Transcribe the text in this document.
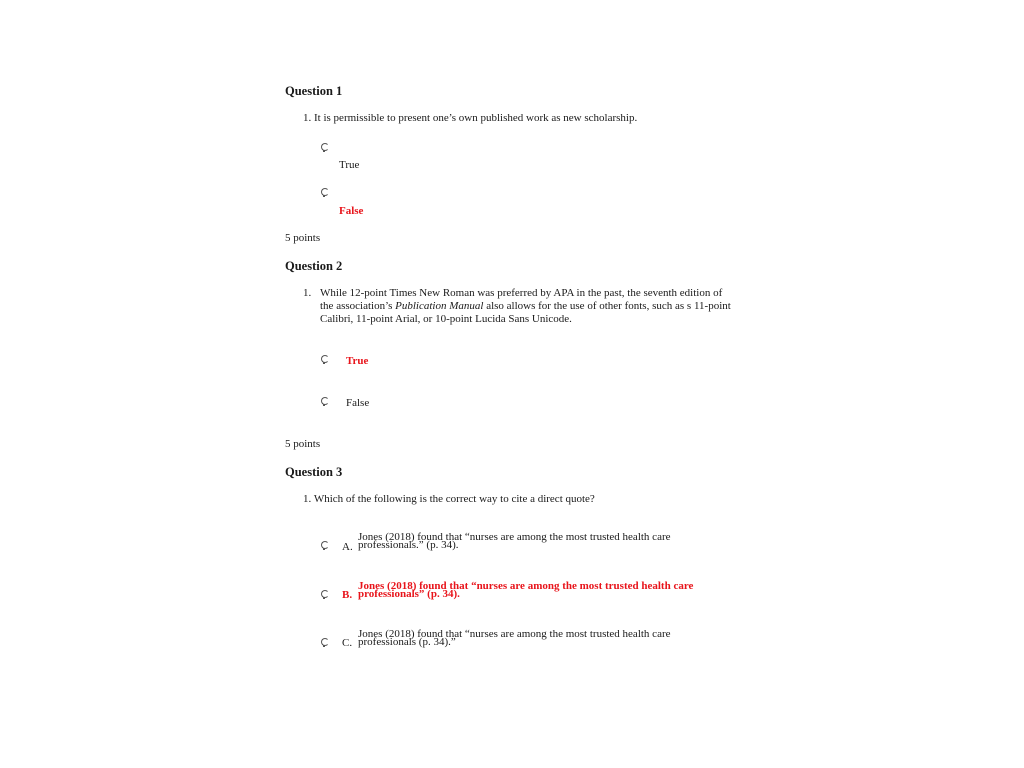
Question 1
1. It is permissible to present one’s own published work as new scholarship.
True
False
5 points
Question 2
1. While 12-point Times New Roman was preferred by APA in the past, the seventh edition of the association’s Publication Manual also allows for the use of other fonts, such as s 11-point Calibri, 11-point Arial, or 10-point Lucida Sans Unicode.
True
False
5 points
Question 3
1. Which of the following is the correct way to cite a direct quote?
A.
Jones (2018) found that “nurses are among the most trusted health care professionals.” (p. 34).
B.
Jones (2018) found that “nurses are among the most trusted health care professionals” (p. 34).
C.
Jones (2018) found that “nurses are among the most trusted health care professionals (p. 34).”
